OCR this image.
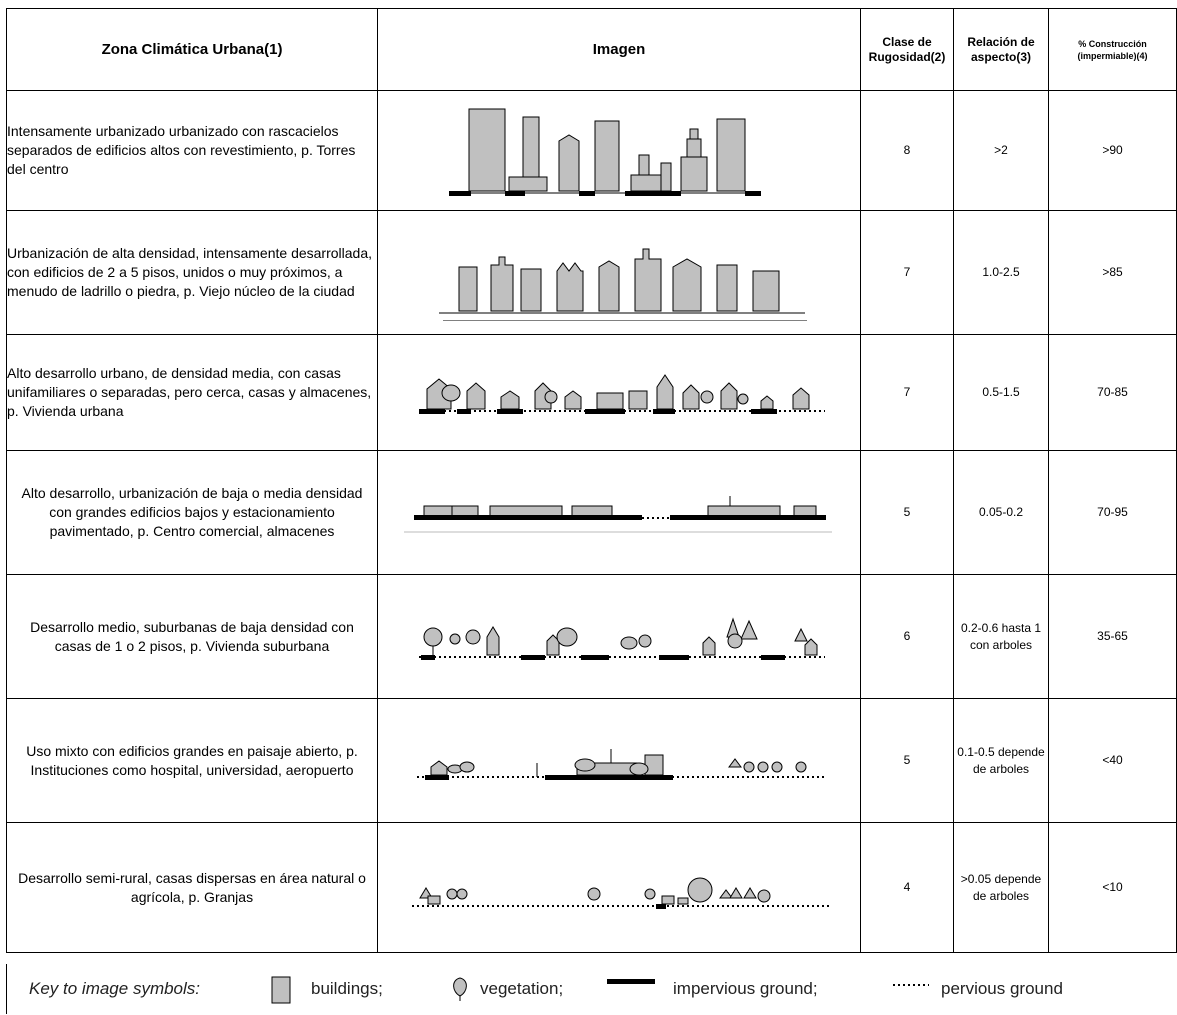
Zona Climática Urbana(1)	Imagen	Clase de Rugosidad(2)	Relación de aspecto(3)	% Construcción (impermiable)(4)
Intensamente urbanizado urbanizado con rascacielos separados de edificios altos con revestimiento, p. Torres del centro		8	>2	>90
Urbanización de alta densidad, intensamente desarrollada, con edificios de 2 a 5 pisos, unidos o muy próximos, a menudo de ladrillo o piedra, p. Viejo núcleo de la ciudad		7	1.0-2.5	>85
Alto desarrollo urbano, de densidad media, con casas unifamiliares o separadas, pero cerca, casas y almacenes, p. Vivienda urbana		7	0.5-1.5	70-85
Alto desarrollo, urbanización de baja o media densidad con grandes edificios bajos y estacionamiento pavimentado, p. Centro comercial, almacenes		5	0.05-0.2	70-95
Desarrollo medio, suburbanas de baja densidad con casas de 1 o 2 pisos, p. Vivienda suburbana		6	0.2-0.6 hasta 1 con arboles	35-65
Uso mixto con edificios grandes en paisaje abierto, p. Instituciones como hospital, universidad, aeropuerto		5	0.1-0.5 depende de arboles	<40
Desarrollo semi-rural, casas dispersas en área natural o agrícola, p. Granjas		4	>0.05 depende de arboles	<10
Key to image symbols:	buildings;	vegetation;	impervious ground;	pervious ground
